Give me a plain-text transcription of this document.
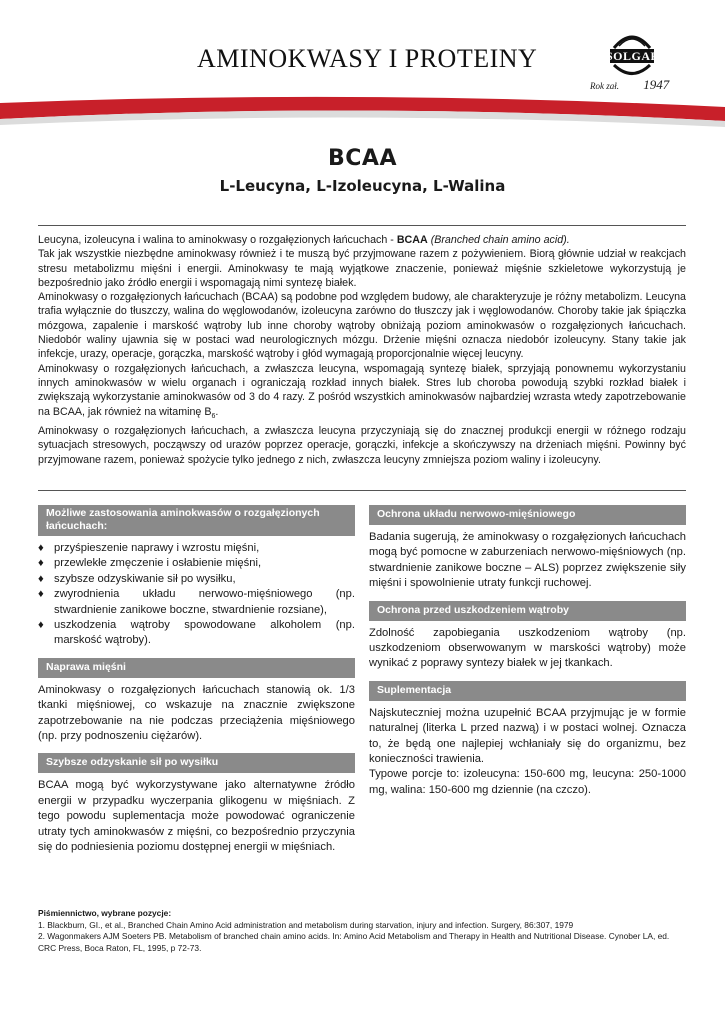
AMINOKWASY I PROTEINY	SOLGAR
Rok zał. 1947
BCAA
L-Leucyna, L-Izoleucyna, L-Walina

Leucyna, izoleucyna i walina to aminokwasy o rozgałęzionych łańcuchach - BCAA (Branched chain amino acid).

Tak jak wszystkie niezbędne aminokwasy również i te muszą być przyjmowane razem z pożywieniem. Biorą głównie udział w reakcjach stresu metabolizmu mięśni i energii. Aminokwasy te mają wyjątkowe znaczenie, ponieważ mięśnie szkieletowe wykorzystują je bezpośrednio jako źródło energii i wspomagają nimi syntezę białek.

Aminokwasy o rozgałęzionych łańcuchach (BCAA) są podobne pod względem budowy, ale charakteryzuje je różny metabolizm. Leucyna trafia wyłącznie do tłuszczy, walina do węglowodanów, izoleucyna zarówno do tłuszczy jak i węglowodanów. Choroby takie jak śpiączka mózgowa, zapalenie i marskość wątroby lub inne choroby wątroby obniżają poziom aminokwasów o rozgałęzionych łańcuchach. Niedobór waliny ujawnia się w postaci wad neurologicznych mózgu. Drżenie mięśni oznacza niedobór izoleucyny. Stany takie jak infekcje, urazy, operacje, gorączka, marskość wątroby i głód wymagają proporcjonalnie więcej leucyny.

Aminokwasy o rozgałęzionych łańcuchach, a zwłaszcza leucyna, wspomagają syntezę białek, sprzyjają ponownemu wykorzystaniu innych aminokwasów w wielu organach i ograniczają rozkład innych białek. Stres lub choroba powodują szybki rozkład białek i zwiększają wykorzystanie aminokwasów od 3 do 4 razy. Z pośród wszystkich aminokwasów najbardziej wzrasta wtedy zapotrzebowanie na BCAA, jak również na witaminę $B_6$.

Aminokwasy o rozgałęzionych łańcuchach, a zwłaszcza leucyna przyczyniają się do znacznej produkcji energii w różnego rodzaju sytuacjach stresowych, począwszy od urazów poprzez operacje, gorączki, infekcje a skończywszy na drżeniach mięśni. Powinny być przyjmowane razem, ponieważ spożycie tylko jednego z nich, zwłaszcza leucyny zmniejsza poziom waliny i izoleucyny.

Możliwe zastosowania aminokwasów o rozgałęzionych łańcuchach:
♦ przyśpieszenie naprawy i wzrostu mięśni,
♦ przewlekłe zmęczenie i osłabienie mięśni,
♦ szybsze odzyskiwanie sił po wysiłku,
♦ zwyrodnienia układu nerwowo-mięśniowego (np. stwardnienie zanikowe boczne, stwardnienie rozsiane),
♦ uszkodzenia wątroby spowodowane alkoholem (np. marskość wątroby).
Naprawa mięśni
Aminokwasy o rozgałęzionych łańcuchach stanowią ok. 1/3 tkanki mięśniowej, co wskazuje na znacznie zwiększone zapotrzebowanie na nie podczas przeciążenia mięśniowego (np. przy podnoszeniu ciężarów).
Szybsze odzyskanie sił po wysiłku
BCAA mogą być wykorzystywane jako alternatywne źródło energii w przypadku wyczerpania glikogenu w mięśniach. Z tego powodu suplementacja może powodować ograniczenie utraty tych aminokwasów z mięśni, co bezpośrednio przyczynia się do podniesienia poziomu dostępnej energii w mięśniach.
Ochrona układu nerwowo-mięśniowego
Badania sugerują, że aminokwasy o rozgałęzionych łańcuchach mogą być pomocne w zaburzeniach nerwowo-mięśniowych (np. stwardnienie zanikowe boczne – ALS) poprzez zwiększenie siły mięśni i spowolnienie utraty funkcji ruchowej.
Ochrona przed uszkodzeniem wątroby
Zdolność zapobiegania uszkodzeniom wątroby (np. uszkodzeniom obserwowanym w marskości wątroby) może wynikać z poprawy syntezy białek w jej tkankach.
Suplementacja
Najskuteczniej można uzupełnić BCAA przyjmując je w formie naturalnej (literka L przed nazwą) i w postaci wolnej. Oznacza to, że będą one najlepiej wchłaniały się do organizmu, bez konieczności trawienia.
Typowe porcje to: izoleucyna: 150-600 mg, leucyna: 250-1000 mg, walina: 150-600 mg dziennie (na czczo).
Piśmiennictwo, wybrane pozycje:
1. Blackburn, GI., et al., Branched Chain Amino Acid administration and metabolism during starvation, injury and infection. Surgery, 86:307, 1979
2. Wagonmakers AJM Soeters PB. Metabolism of branched chain amino acids. In: Amino Acid Metabolism and Therapy in Health and Nutritional Disease. Cynober LA, ed. CRC Press, Boca Raton, FL, 1995, p 72-73.
